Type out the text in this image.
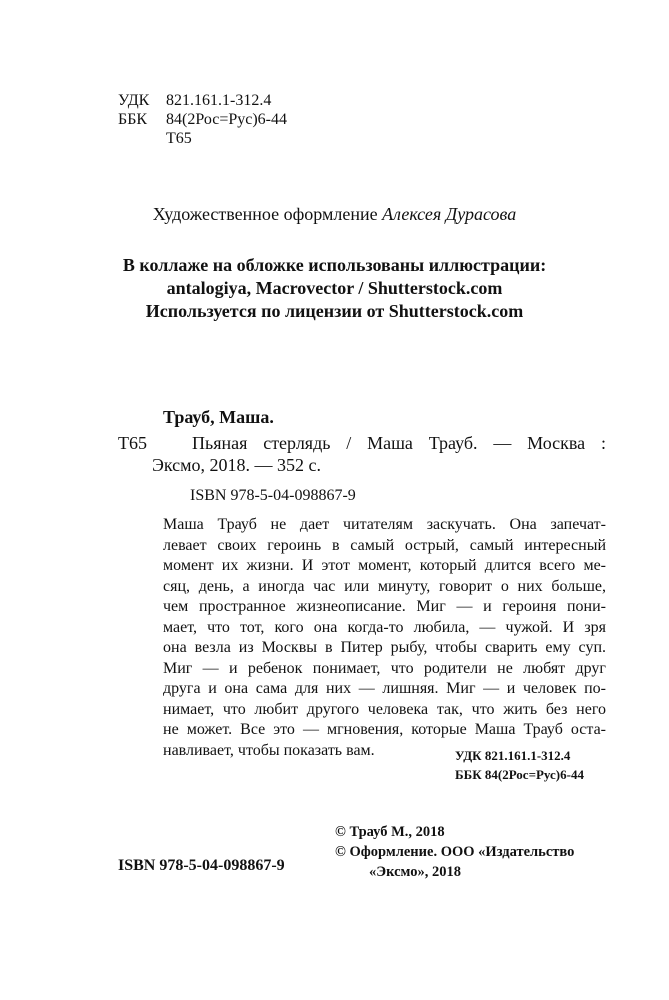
УДК	821.161.1-312.4
ББК	84(2Рос=Рус)6-44
Т65
Художественное оформление Алексея Дурасова
В коллаже на обложке использованы иллюстрации:
antalogiya, Macrovector / Shutterstock.com
Используется по лицензии от Shutterstock.com
Трауб, Маша.
Т65	Пьяная стерлядь / Маша Трауб. — Москва :
Эксмо, 2018. — 352 с.
ISBN 978-5-04-098867-9
Маша Трауб не дает читателям заскучать. Она запечат-
левает своих героинь в самый острый, самый интересный
момент их жизни. И этот момент, который длится всего ме-
сяц, день, а иногда час или минуту, говорит о них больше,
чем пространное жизнеописание. Миг — и героиня пони-
мает, что тот, кого она когда-то любила, — чужой. И зря
она везла из Москвы в Питер рыбу, чтобы сварить ему суп.
Миг — и ребенок понимает, что родители не любят друг
друга и она сама для них — лишняя. Миг — и человек по-
нимает, что любит другого человека так, что жить без него
не может. Все это — мгновения, которые Маша Трауб оста-
навливает, чтобы показать вам.	УДК 821.161.1-312.4
ББК 84(2Рос=Рус)6-44
© Трауб М., 2018
© Оформление. ООО «Издательство
«Эксмо», 2018
ISBN 978-5-04-098867-9
